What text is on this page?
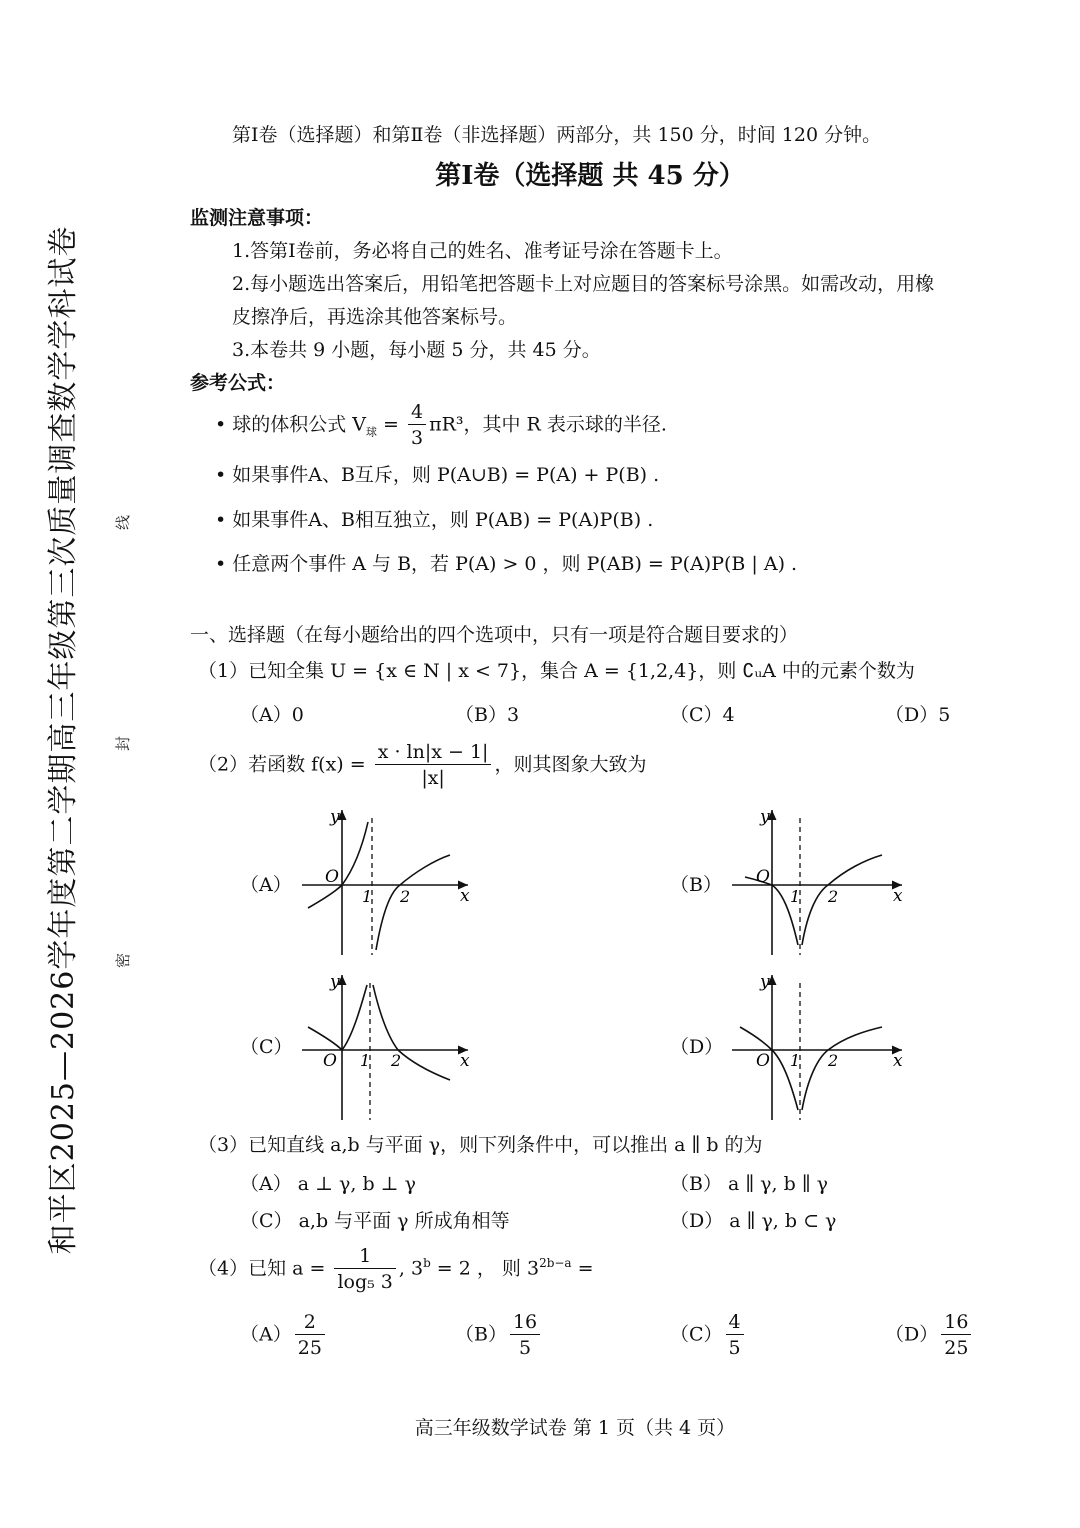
和平区2025—2026学年度第二学期高三年级第三次质量调查数学学科试卷 线
封
密
第Ⅰ卷（选择题）和第Ⅱ卷（非选择题）两部分，共 150 分，时间 120 分钟。
第Ⅰ卷（选择题 共 45 分）
监测注意事项：
1.答第Ⅰ卷前，务必将自己的姓名、准考证号涂在答题卡上。
2.每小题选出答案后，用铅笔把答题卡上对应题目的答案标号涂黑。如需改动，用橡
皮擦净后，再选涂其他答案标号。
3.本卷共 9 小题，每小题 5 分，共 45 分。
参考公式：
• 球的体积公式 $V_球 = \frac{4}{3} \pi R^3$，其中 R 表示球的半径.
• 如果事件A、B互斥，则 P(A∪B) = P(A) + P(B) .
• 如果事件A、B相互独立，则 P(AB) = P(A)P(B) .
• 任意两个事件 A 与 B，若 P(A) > 0 ，则 P(AB) = P(A)P(B | A) .
一、选择题（在每小题给出的四个选项中，只有一项是符合题目要求的）
（1）已知全集 U = {x ∈ N | x < 7}，集合 A = {1,2,4}，则 ∁ᵤA 中的元素个数为
（A）0	（B）3	（C）4	（D）5
（2）若函数 $f(x) = \frac{x \cdot \ln|x - 1|}{|x|}$ ，则其图象大致为
（A）	（B）
（C）	（D）
y
x
O
1 2
y
x
O
1 2
y
x
O 1 2
y
x
O 1 2
（3）已知直线 a,b 与平面 γ，则下列条件中，可以推出 a ∥ b 的为
（A） a ⊥ γ, b ⊥ γ	（B） a ∥ γ, b ∥ γ
（C） a,b 与平面 γ 所成角相等	（D） a ∥ γ, b ⊂ γ
（4）已知 $a = \frac{1}{\text{log₅ 3}}$ , $3^b = 2$ ， 则 $3^{2b-a}$ =
$(A) \frac{2}{25}$	$(B) \frac{16}{5}$	$(C) \frac{4}{5}$	$(D) \frac{16}{25}$
高三年级数学试卷 第 1 页（共 4 页）
